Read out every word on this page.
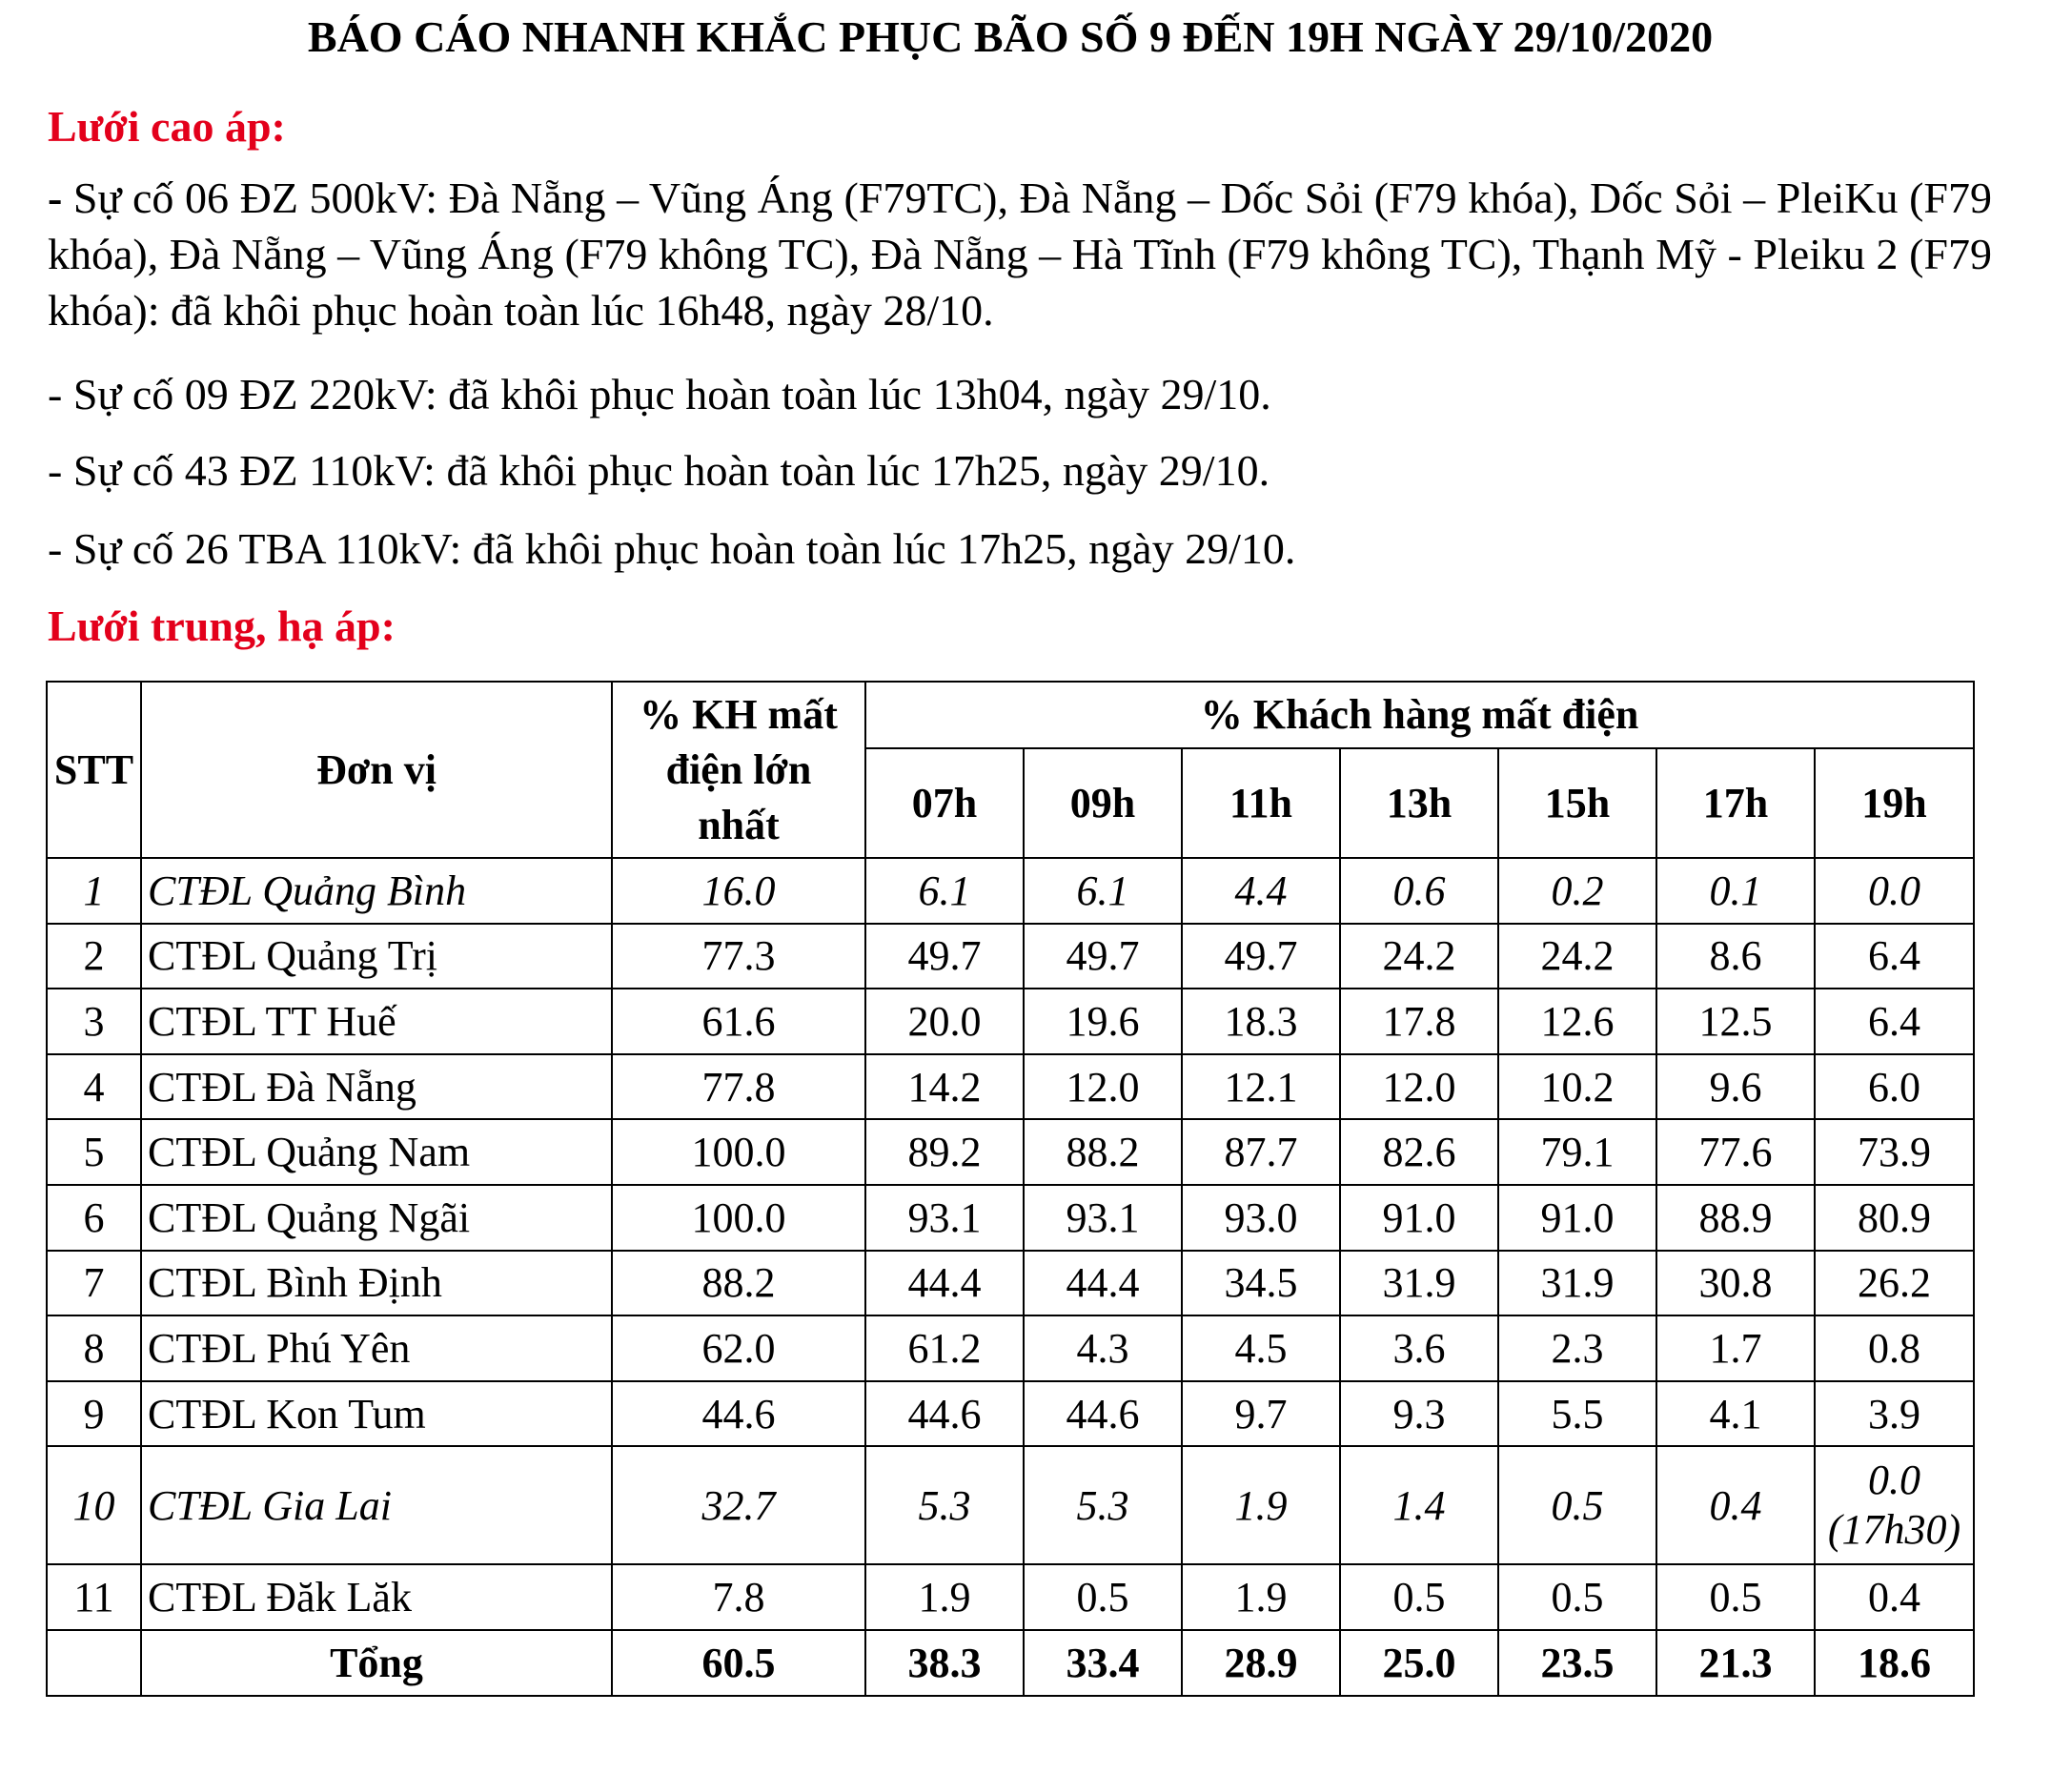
BÁO CÁO NHANH KHẮC PHỤC BÃO SỐ 9 ĐẾN 19H NGÀY 29/10/2020
Lưới cao áp:
- Sự cố 06 ĐZ 500kV: Đà Nẵng – Vũng Áng (F79TC), Đà Nẵng – Dốc Sỏi (F79 khóa), Dốc Sỏi – PleiKu (F79 khóa), Đà Nẵng – Vũng Áng (F79 không TC), Đà Nẵng – Hà Tĩnh (F79 không TC), Thạnh Mỹ - Pleiku 2 (F79 khóa): đã khôi phục hoàn toàn lúc 16h48, ngày 28/10.
- Sự cố 09 ĐZ 220kV: đã khôi phục hoàn toàn lúc 13h04, ngày 29/10.
- Sự cố 43 ĐZ 110kV: đã khôi phục hoàn toàn lúc 17h25, ngày 29/10.
- Sự cố 26 TBA 110kV: đã khôi phục hoàn toàn lúc 17h25, ngày 29/10.
Lưới trung, hạ áp:
STT	Đơn vị	% KH mất điện lớn nhất	% Khách hàng mất điện						
			07h	09h	11h	13h	15h	17h	19h
1	CTĐL Quảng Bình	16.0	6.1	6.1	4.4	0.6	0.2	0.1	0.0
2	CTĐL Quảng Trị	77.3	49.7	49.7	49.7	24.2	24.2	8.6	6.4
3	CTĐL TT Huế	61.6	20.0	19.6	18.3	17.8	12.6	12.5	6.4
4	CTĐL Đà Nẵng	77.8	14.2	12.0	12.1	12.0	10.2	9.6	6.0
5	CTĐL Quảng Nam	100.0	89.2	88.2	87.7	82.6	79.1	77.6	73.9
6	CTĐL Quảng Ngãi	100.0	93.1	93.1	93.0	91.0	91.0	88.9	80.9
7	CTĐL Bình Định	88.2	44.4	44.4	34.5	31.9	31.9	30.8	26.2
8	CTĐL Phú Yên	62.0	61.2	4.3	4.5	3.6	2.3	1.7	0.8
9	CTĐL Kon Tum	44.6	44.6	44.6	9.7	9.3	5.5	4.1	3.9
10	CTĐL Gia Lai	32.7	5.3	5.3	1.9	1.4	0.5	0.4	0.0
(17h30)

11	CTĐL Đăk Lăk	7.8	1.9	0.5	1.9	0.5	0.5	0.5	0.4
	Tổng	60.5	38.3	33.4	28.9	25.0	23.5	21.3	18.6
